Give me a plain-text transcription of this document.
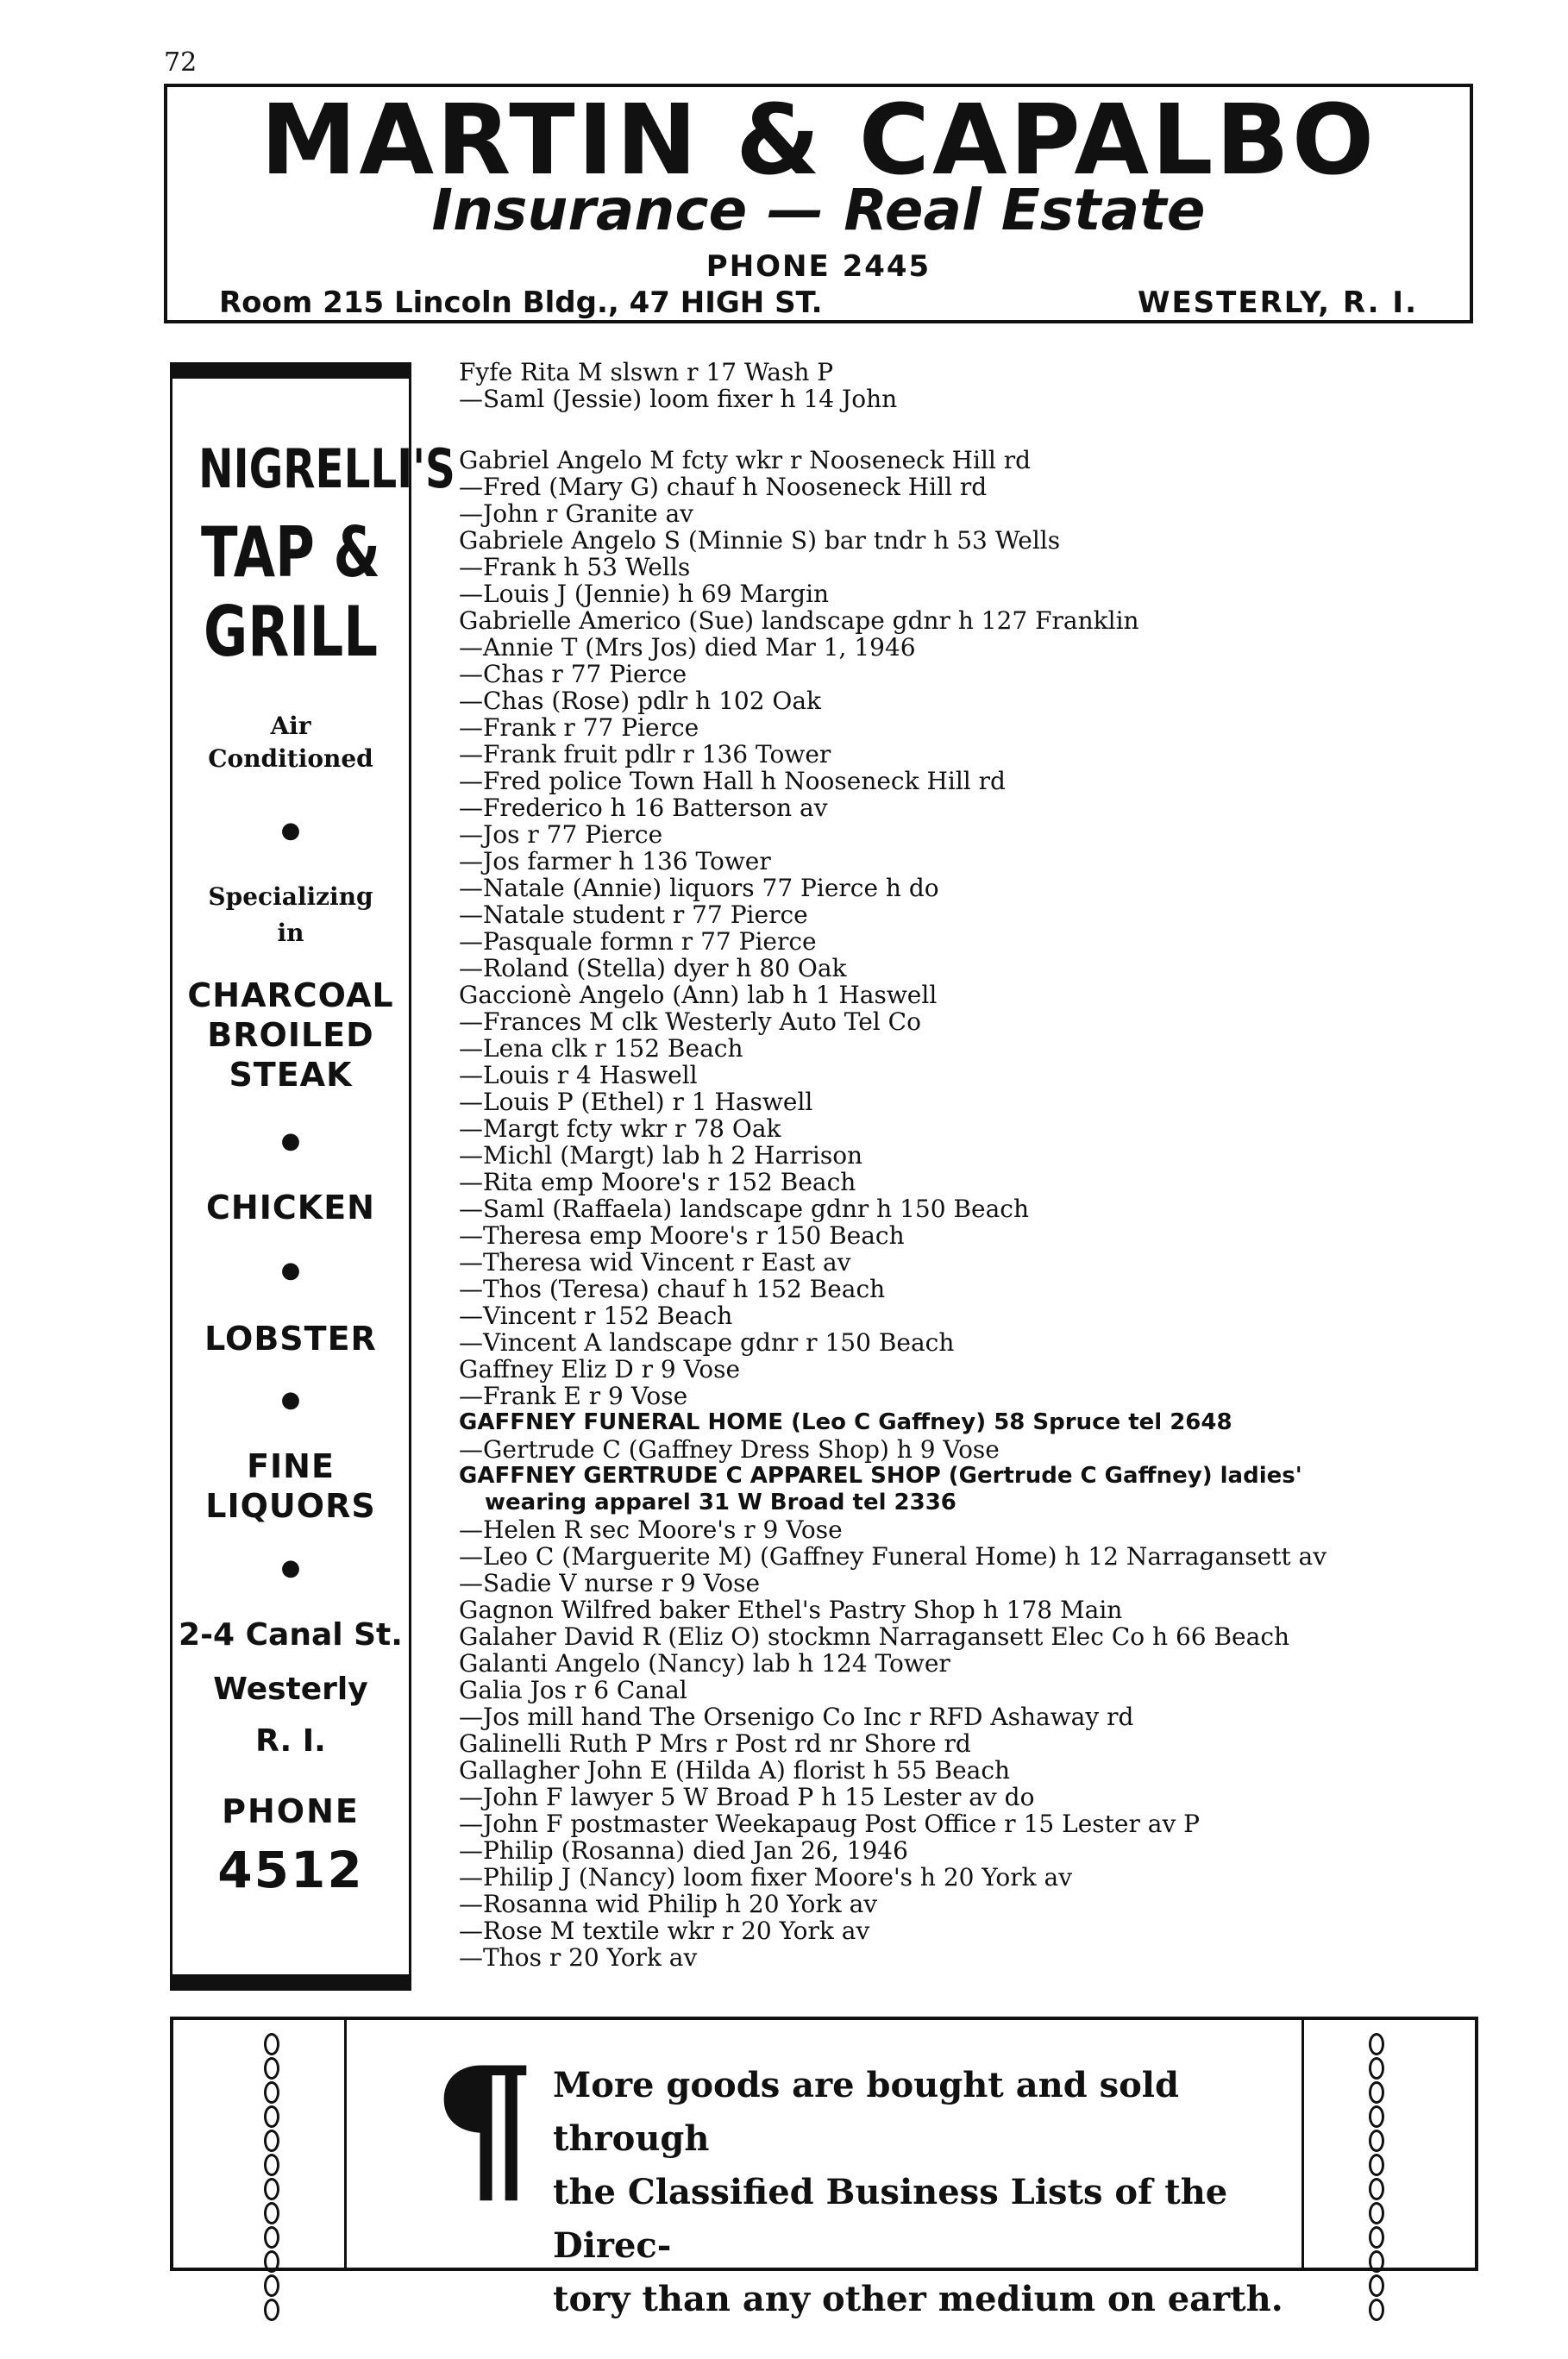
72
MARTIN & CAPALBO
Insurance — Real Estate
PHONE 2445
Room 215 Lincoln Bldg., 47 HIGH ST.	WESTERLY, R. I.
NIGRELLI'S
TAP &
GRILL
Air
Conditioned
●
Specializing
in
CHARCOAL
BROILED
STEAK
●
CHICKEN
●
LOBSTER
●
FINE
LIQUORS
●
2-4 Canal St.
Westerly
R. I.
PHONE
4512
Fyfe Rita M slswn r 17 Wash P
—Saml (Jessie) loom fixer h 14 John
Gabriel Angelo M fcty wkr r Nooseneck Hill rd
—Fred (Mary G) chauf h Nooseneck Hill rd
—John r Granite av
Gabriele Angelo S (Minnie S) bar tndr h 53 Wells
—Frank h 53 Wells
—Louis J (Jennie) h 69 Margin
Gabrielle Americo (Sue) landscape gdnr h 127 Franklin
—Annie T (Mrs Jos) died Mar 1, 1946
—Chas r 77 Pierce
—Chas (Rose) pdlr h 102 Oak
—Frank r 77 Pierce
—Frank fruit pdlr r 136 Tower
—Fred police Town Hall h Nooseneck Hill rd
—Frederico h 16 Batterson av
—Jos r 77 Pierce
—Jos farmer h 136 Tower
—Natale (Annie) liquors 77 Pierce h do
—Natale student r 77 Pierce
—Pasquale formn r 77 Pierce
—Roland (Stella) dyer h 80 Oak
Gaccionè Angelo (Ann) lab h 1 Haswell
—Frances M clk Westerly Auto Tel Co
—Lena clk r 152 Beach
—Louis r 4 Haswell
—Louis P (Ethel) r 1 Haswell
—Margt fcty wkr r 78 Oak
—Michl (Margt) lab h 2 Harrison
—Rita emp Moore's r 152 Beach
—Saml (Raffaela) landscape gdnr h 150 Beach
—Theresa emp Moore's r 150 Beach
—Theresa wid Vincent r East av
—Thos (Teresa) chauf h 152 Beach
—Vincent r 152 Beach
—Vincent A landscape gdnr r 150 Beach
Gaffney Eliz D r 9 Vose
—Frank E r 9 Vose
GAFFNEY FUNERAL HOME (Leo C Gaffney) 58 Spruce tel 2648
—Gertrude C (Gaffney Dress Shop) h 9 Vose
GAFFNEY GERTRUDE C APPAREL SHOP (Gertrude C Gaffney) ladies'
wearing apparel 31 W Broad tel 2336
—Helen R sec Moore's r 9 Vose
—Leo C (Marguerite M) (Gaffney Funeral Home) h 12 Narragansett av
—Sadie V nurse r 9 Vose
Gagnon Wilfred baker Ethel's Pastry Shop h 178 Main
Galaher David R (Eliz O) stockmn Narragansett Elec Co h 66 Beach
Galanti Angelo (Nancy) lab h 124 Tower
Galia Jos r 6 Canal
—Jos mill hand The Orsenigo Co Inc r RFD Ashaway rd
Galinelli Ruth P Mrs r Post rd nr Shore rd
Gallagher John E (Hilda A) florist h 55 Beach
—John F lawyer 5 W Broad P h 15 Lester av do
—John F postmaster Weekapaug Post Office r 15 Lester av P
—Philip (Rosanna) died Jan 26, 1946
—Philip J (Nancy) loom fixer Moore's h 20 York av
—Rosanna wid Philip h 20 York av
—Rose M textile wkr r 20 York av
—Thos r 20 York av
¶ More goods are bought and sold through
the Classified Business Lists of the Direc-
tory than any other medium on earth.
